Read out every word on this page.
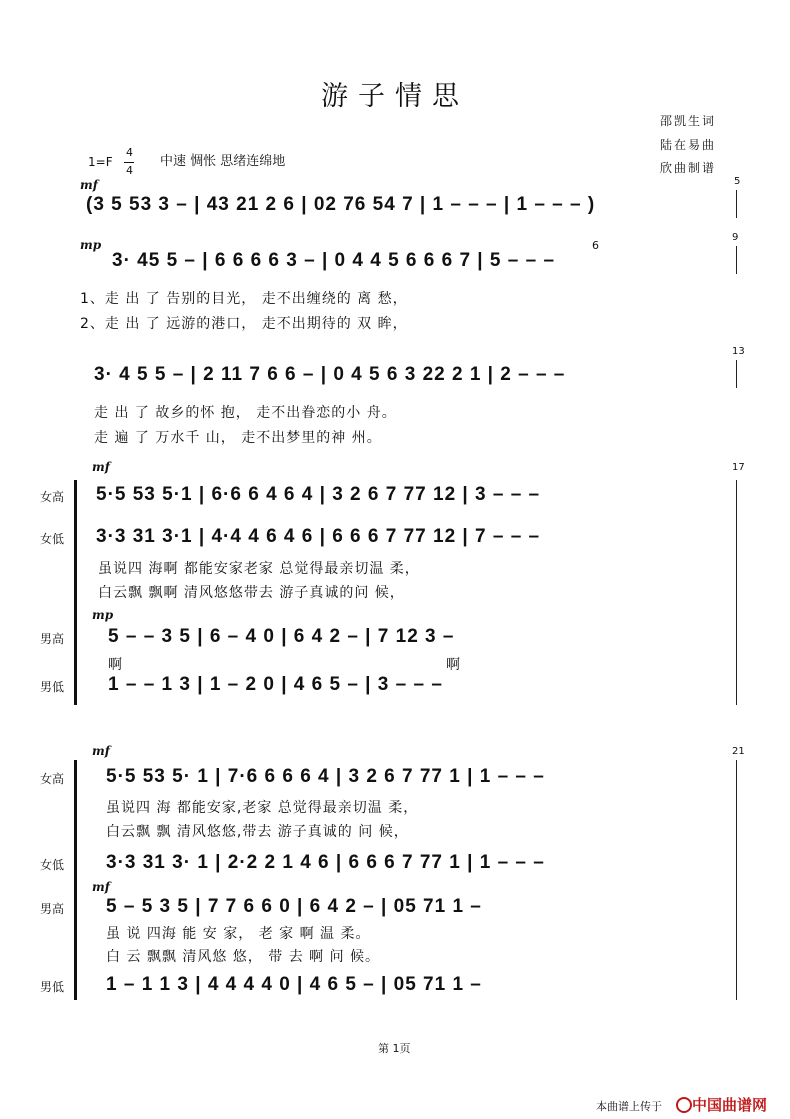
游子情思
邵凯生词
陆在易曲
欣曲制谱
1=F
4
4
中速 惆怅 思绪连绵地
mf	5
(3 5 53 3 – | 43 21 2 6 | 02 76 54 7 | 1 – – – | 1 – – – )
mp
9
6
3· 45 5 – | 6 6 6 6 3 – | 0 4 4 5 6 6 6 7 | 5 – – –
1、走 出 了 告别的目光， 走不出缠绕的 离 愁，
2、走 出 了 远游的港口， 走不出期待的 双 眸，
13
3· 4 5 5 – | 2 11 7 6 6 – | 0 4 5 6 3 22 2 1 | 2 – – –
走 出 了 故乡的怀 抱， 走不出眷恋的小 舟。
走 遍 了 万水千 山， 走不出梦里的神 州。
mf	17
女高 5·5 53 5·1 | 6·6 6 4 6 4 | 3 2 6 7 77 12 | 3 – – –
女低 3·3 31 3·1 | 4·4 4 6 4 6 | 6 6 6 7 77 12 | 7 – – –
虽说四 海啊 都能安家老家 总觉得最亲切温 柔，
白云飘 飘啊 清风悠悠带去 游子真诚的问 候，
mp
男高 5 – – 3 5 | 6 – 4 0 | 6 4 2 – | 7 12 3 –
啊	啊
男低 1 – – 1 3 | 1 – 2 0 | 4 6 5 – | 3 – – –
mf	21
女高 5·5 53 5· 1 | 7·6 6 6 6 4 | 3 2 6 7 77 1 | 1 – – –
虽说四 海 都能安家,老家 总觉得最亲切温 柔，
白云飘 飘 清风悠悠,带去 游子真诚的 问 候，
女低 3·3 31 3· 1 | 2·2 2 1 4 6 | 6 6 6 7 77 1 | 1 – – –
mf
男高 5 – 5 3 5 | 7 7 6 6 0 | 6 4 2 – | 05 71 1 –
虽 说 四海 能 安 家， 老 家 啊 温 柔。
白 云 飘飘 清风悠 悠， 带 去 啊 问 候。
男低 1 – 1 1 3 | 4 4 4 4 0 | 4 6 5 – | 05 71 1 –
第 1页
本曲谱上传于 中国曲谱网
